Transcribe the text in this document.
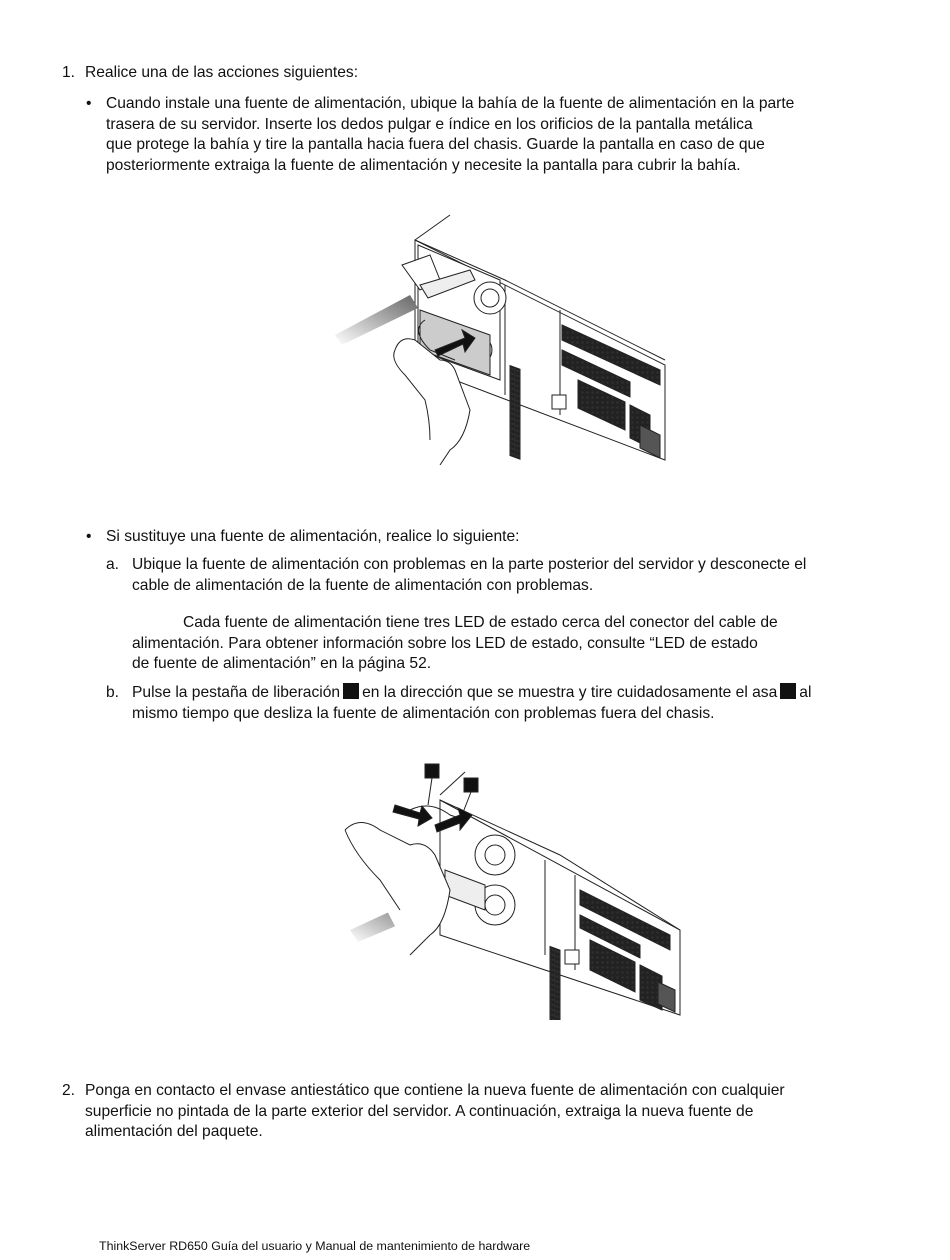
1. Realice una de las acciones siguientes:
• Cuando instale una fuente de alimentación, ubique la bahía de la fuente de alimentación en la parte
trasera de su servidor. Inserte los dedos pulgar e índice en los orificios de la pantalla metálica
que protege la bahía y tire la pantalla hacia fuera del chasis. Guarde la pantalla en caso de que
posteriormente extraiga la fuente de alimentación y necesite la pantalla para cubrir la bahía.
• Si sustituye una fuente de alimentación, realice lo siguiente:
a. Ubique la fuente de alimentación con problemas en la parte posterior del servidor y desconecte el
cable de alimentación de la fuente de alimentación con problemas.
Cada fuente de alimentación tiene tres LED de estado cerca del conector del cable de
alimentación. Para obtener información sobre los LED de estado, consulte “LED de estado
de fuente de alimentación” en la página 52.
b. Pulse la pestaña de liberación en la dirección que se muestra y tire cuidadosamente el asa al
mismo tiempo que desliza la fuente de alimentación con problemas fuera del chasis.
2. Ponga en contacto el envase antiestático que contiene la nueva fuente de alimentación con cualquier
superficie no pintada de la parte exterior del servidor. A continuación, extraiga la nueva fuente de
alimentación del paquete.
ThinkServer RD650 Guía del usuario y Manual de mantenimiento de hardware
